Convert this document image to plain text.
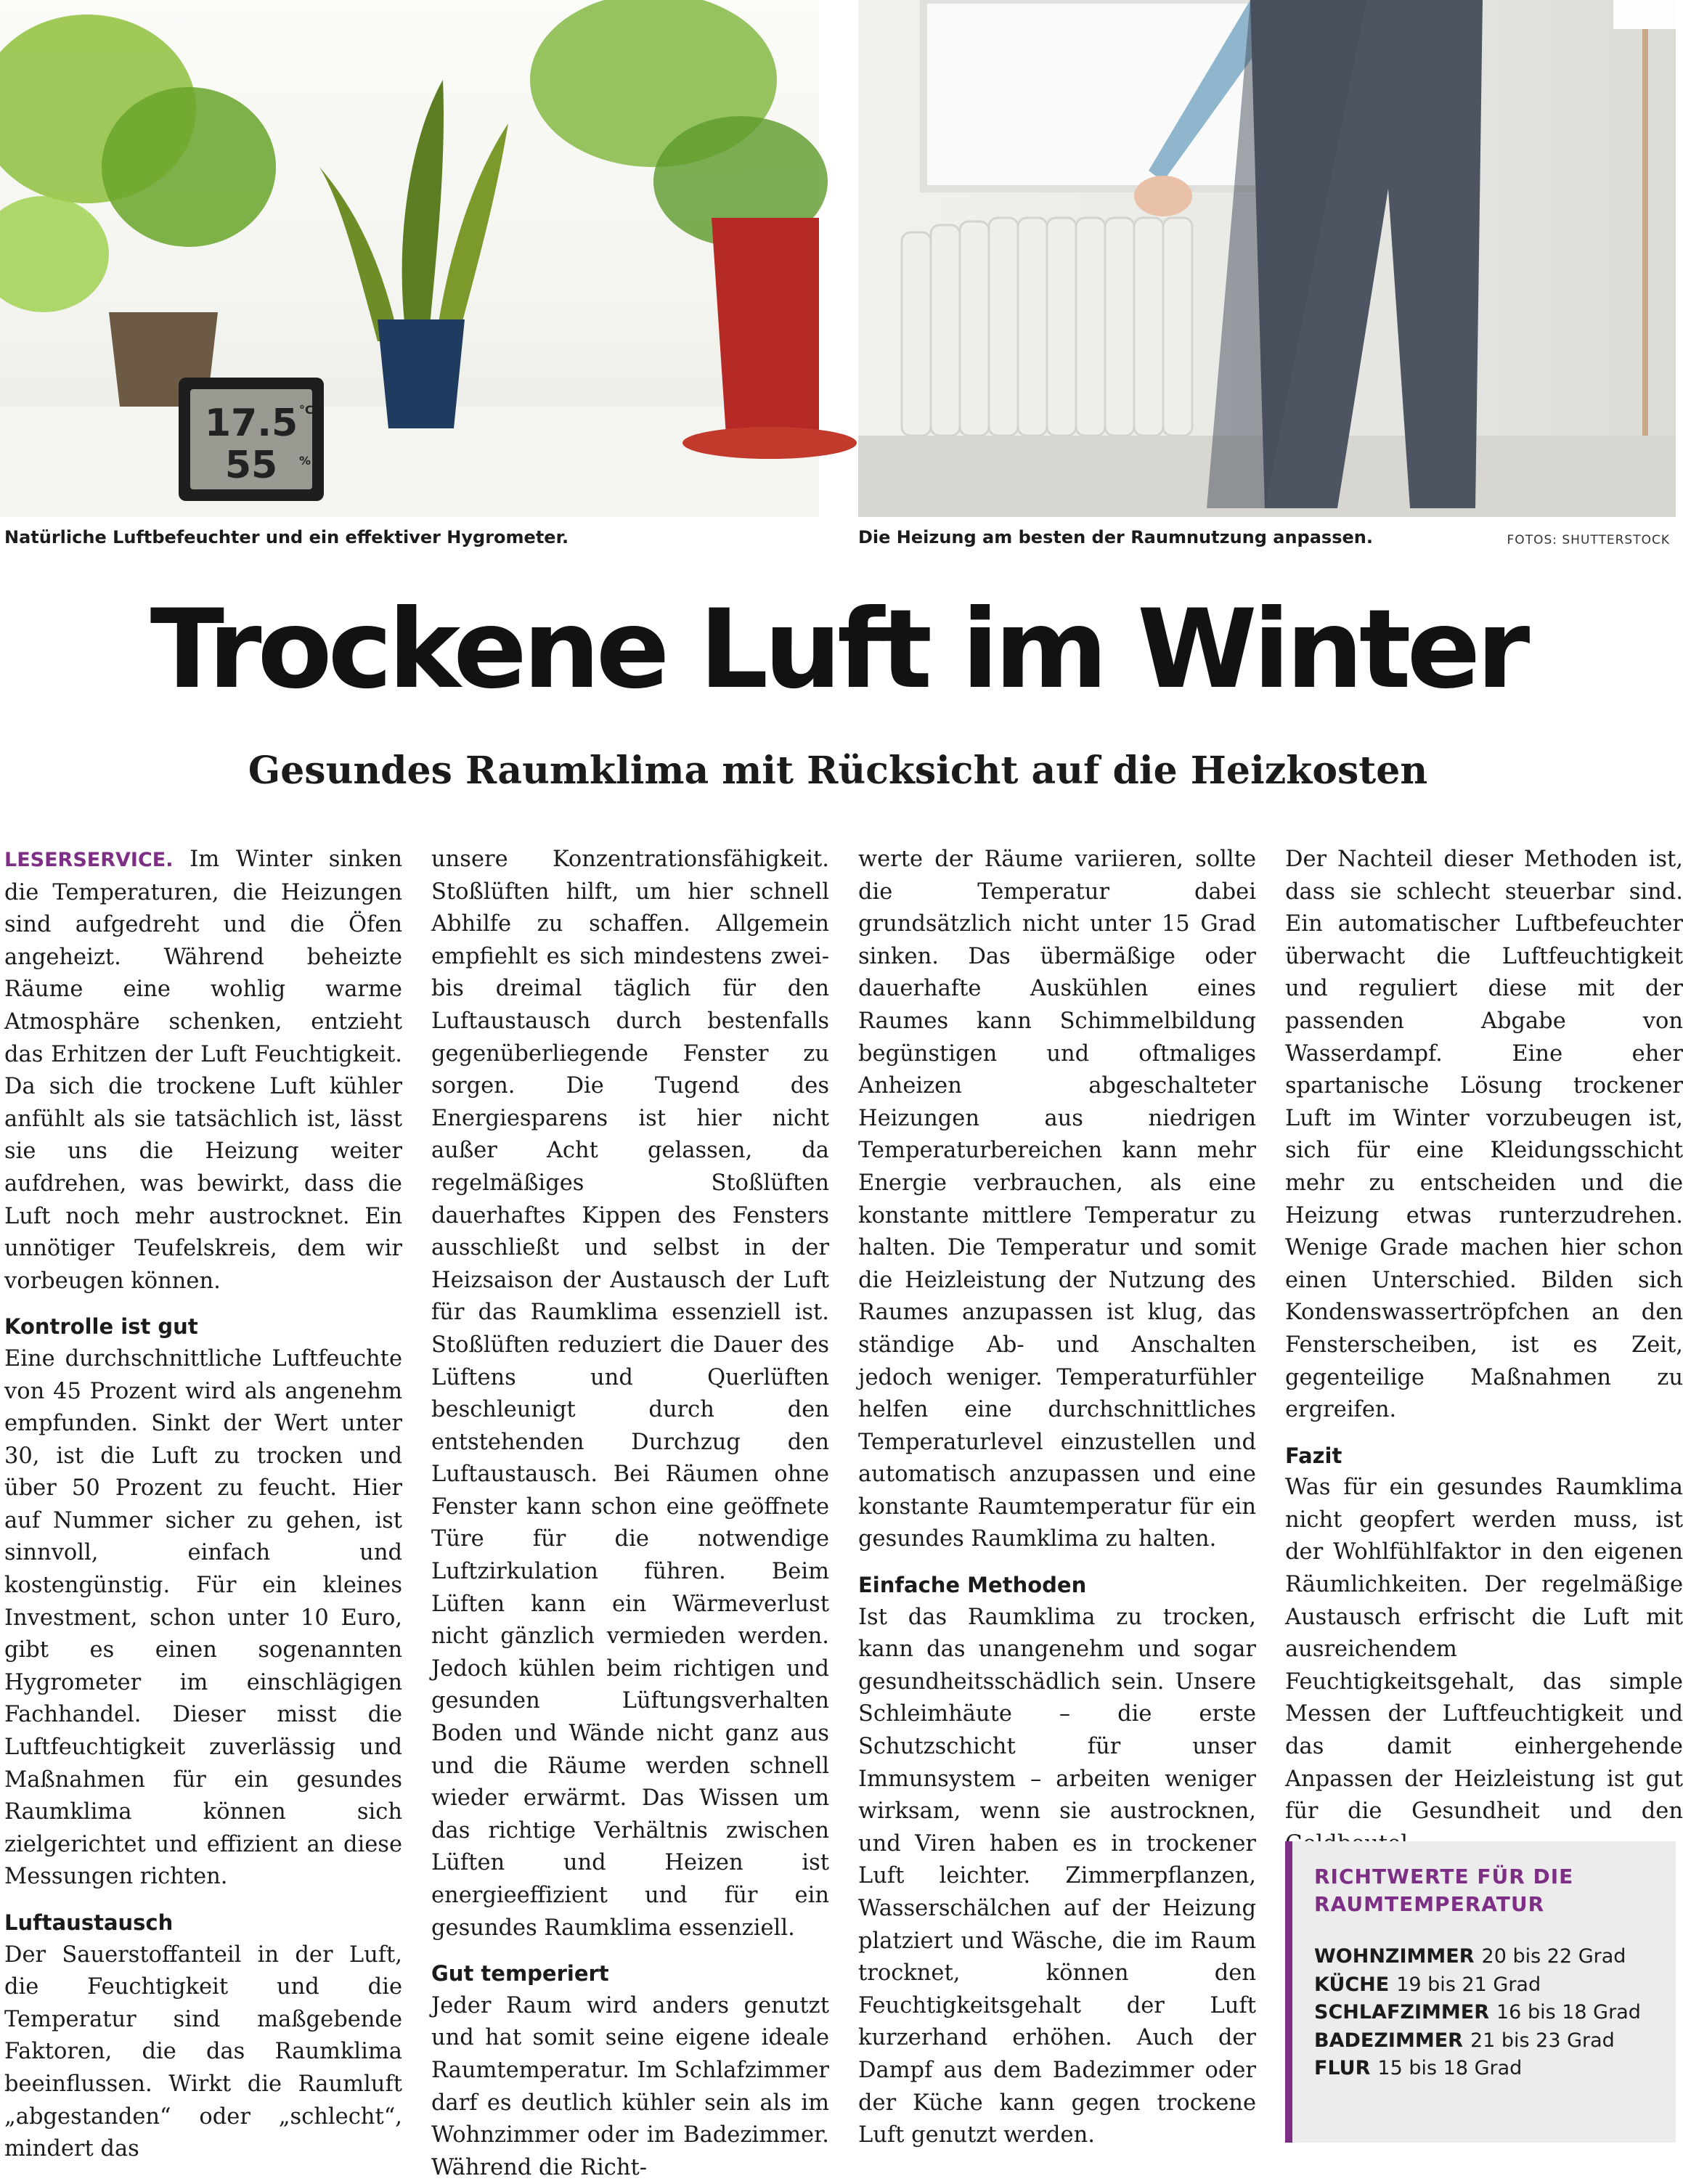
17.5 °C
55 %
Natürliche Luftbefeuchter und ein effektiver Hygrometer.	Die Heizung am besten der Raumnutzung anpassen.	FOTOS: SHUTTERSTOCK
Trockene Luft im Winter
Gesundes Raumklima mit Rücksicht auf die Heizkosten

LESERSERVICE. Im Winter sinken die Temperaturen, die Heizungen sind aufgedreht und die Öfen angeheizt. Während beheizte Räume eine wohlig warme Atmosphäre schenken, entzieht das Erhitzen der Luft Feuchtigkeit. Da sich die trockene Luft kühler anfühlt als sie tatsächlich ist, lässt sie uns die Heizung weiter aufdrehen, was bewirkt, dass die Luft noch mehr austrocknet. Ein unnötiger Teufelskreis, dem wir vorbeugen können.

Kontrolle ist gut

Eine durchschnittliche Luftfeuchte von 45 Prozent wird als angenehm empfunden. Sinkt der Wert unter 30, ist die Luft zu trocken und über 50 Prozent zu feucht. Hier auf Nummer sicher zu gehen, ist sinnvoll, einfach und kostengünstig. Für ein kleines Investment, schon unter 10 Euro, gibt es einen sogenannten Hygrometer im einschlägigen Fachhandel. Dieser misst die Luftfeuchtigkeit zuverlässig und Maßnahmen für ein gesundes Raumklima können sich zielgerichtet und effizient an diese Messungen richten.

Luftaustausch

Der Sauerstoffanteil in der Luft, die Feuchtigkeit und die Temperatur sind maßgebende Faktoren, die das Raumklima beeinflussen. Wirkt die Raumluft „abgestanden“ oder „schlecht“, mindert das

unsere Konzentrationsfähigkeit. Stoßlüften hilft, um hier schnell Abhilfe zu schaffen. Allgemein empfiehlt es sich mindestens zwei- bis dreimal täglich für den Luftaustausch durch bestenfalls gegenüberliegende Fenster zu sorgen. Die Tugend des Energiesparens ist hier nicht außer Acht gelassen, da regelmäßiges Stoßlüften dauerhaftes Kippen des Fensters ausschließt und selbst in der Heizsaison der Austausch der Luft für das Raumklima essenziell ist. Stoßlüften reduziert die Dauer des Lüftens und Querlüften beschleunigt durch den entstehenden Durchzug den Luftaustausch. Bei Räumen ohne Fenster kann schon eine geöffnete Türe für die notwendige Luftzirkulation führen. Beim Lüften kann ein Wärmeverlust nicht gänzlich vermieden werden. Jedoch kühlen beim richtigen und gesunden Lüftungsverhalten Boden und Wände nicht ganz aus und die Räume werden schnell wieder erwärmt. Das Wissen um das richtige Verhältnis zwischen Lüften und Heizen ist energieeffizient und für ein gesundes Raumklima essenziell.

Gut temperiert

Jeder Raum wird anders genutzt und hat somit seine eigene ideale Raumtemperatur. Im Schlafzimmer darf es deutlich kühler sein als im Wohnzimmer oder im Badezimmer. Während die Richt-

werte der Räume variieren, sollte die Temperatur dabei grundsätzlich nicht unter 15 Grad sinken. Das übermäßige oder dauerhafte Auskühlen eines Raumes kann Schimmelbildung begünstigen und oftmaliges Anheizen abgeschalteter Heizungen aus niedrigen Temperaturbereichen kann mehr Energie verbrauchen, als eine konstante mittlere Temperatur zu halten. Die Temperatur und somit die Heizleistung der Nutzung des Raumes anzupassen ist klug, das ständige Ab- und Anschalten jedoch weniger. Temperaturfühler helfen eine durchschnittliches Temperaturlevel einzustellen und automatisch anzupassen und eine konstante Raumtemperatur für ein gesundes Raumklima zu halten.

Einfache Methoden

Ist das Raumklima zu trocken, kann das unangenehm und sogar gesundheitsschädlich sein. Unsere Schleimhäute – die erste Schutzschicht für unser Immunsystem – arbeiten weniger wirksam, wenn sie austrocknen, und Viren haben es in trockener Luft leichter. Zimmerpflanzen, Wasserschälchen auf der Heizung platziert und Wäsche, die im Raum trocknet, können den Feuchtigkeitsgehalt der Luft kurzerhand erhöhen. Auch der Dampf aus dem Badezimmer oder der Küche kann gegen trockene Luft genutzt werden.

Der Nachteil dieser Methoden ist, dass sie schlecht steuerbar sind. Ein automatischer Luftbefeuchter überwacht die Luftfeuchtigkeit und reguliert diese mit der passenden Abgabe von Wasserdampf. Eine eher spartanische Lösung trockener Luft im Winter vorzubeugen ist, sich für eine Kleidungsschicht mehr zu entscheiden und die Heizung etwas runterzudrehen. Wenige Grade machen hier schon einen Unterschied. Bilden sich Kondenswassertröpfchen an den Fensterscheiben, ist es Zeit, gegenteilige Maßnahmen zu ergreifen.

Fazit

Was für ein gesundes Raumklima nicht geopfert werden muss, ist der Wohlfühlfaktor in den eigenen Räumlichkeiten. Der regelmäßige Austausch erfrischt die Luft mit ausreichendem Feuchtigkeitsgehalt, das simple Messen der Luftfeuchtigkeit und das damit einhergehende Anpassen der Heizleistung ist gut für die Gesundheit und den

RICHTWERTE FÜR DIE
RAUMTEMPERATUR
WOHNZIMMER 20 bis 22 Grad
KÜCHE 19 bis 21 Grad
SCHLAFZIMMER 16 bis 18 Grad
BADEZIMMER 21 bis 23 Grad
FLUR 15 bis 18 Grad
